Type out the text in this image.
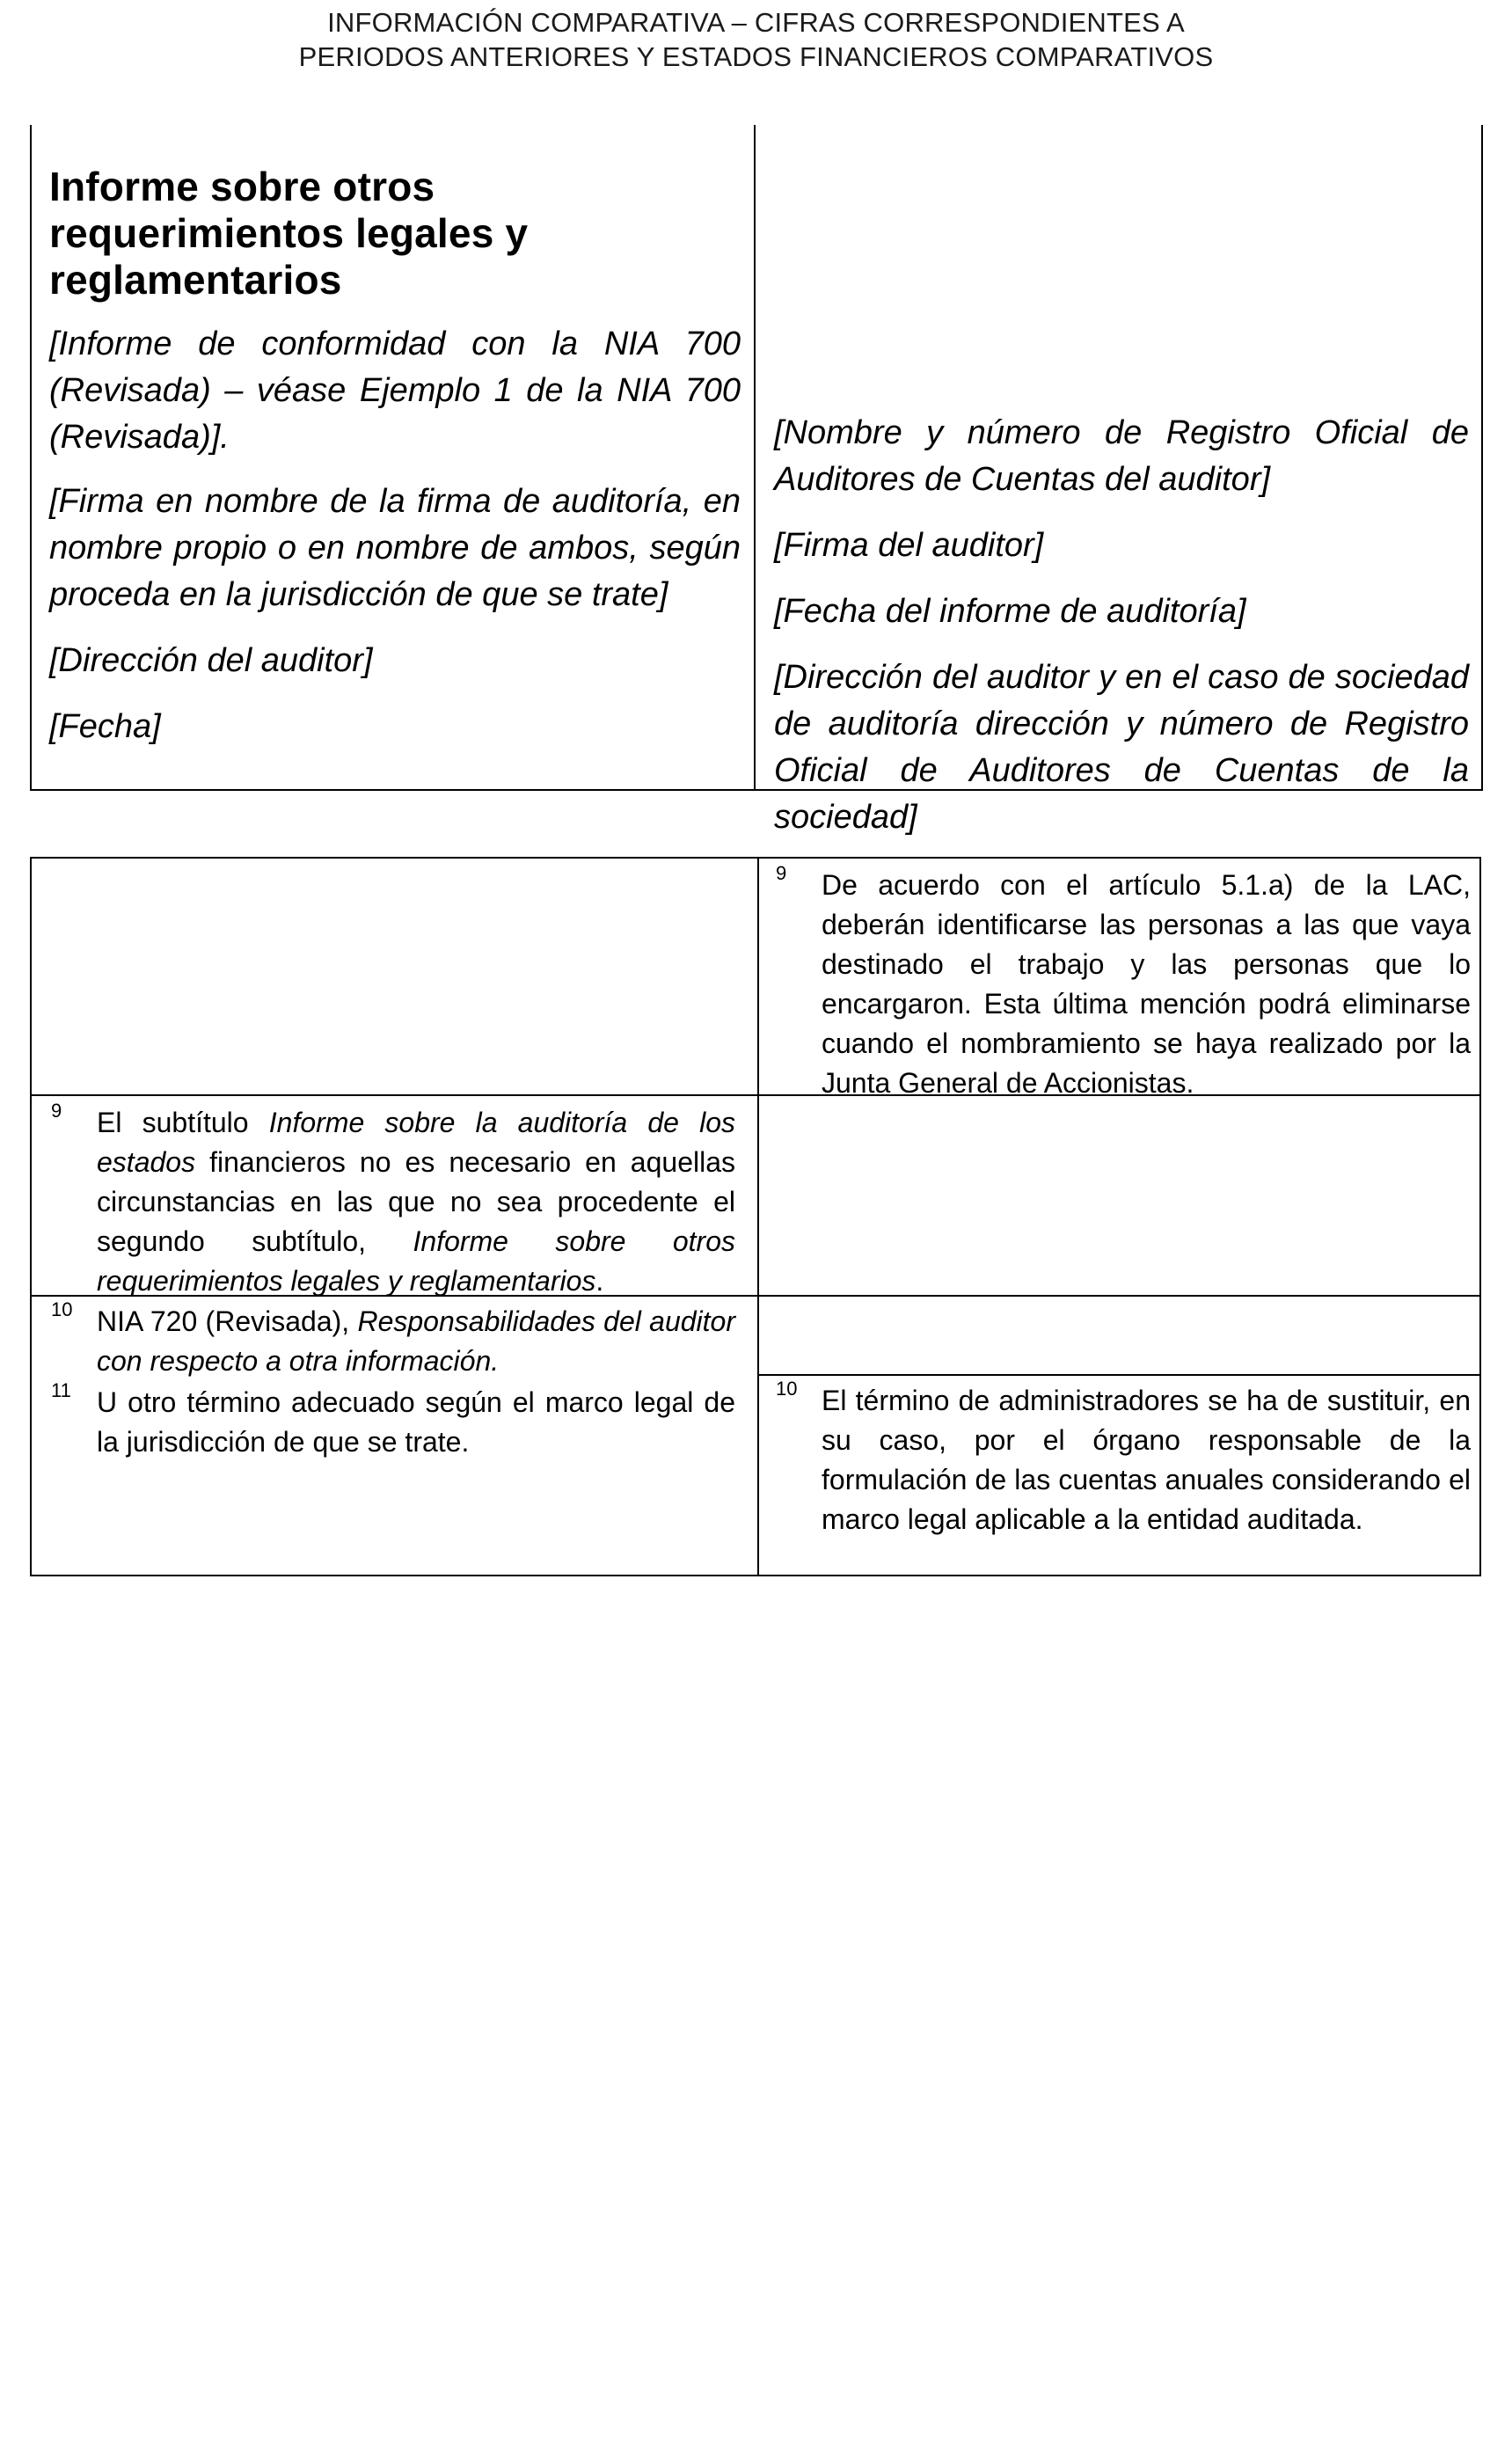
INFORMACIÓN COMPARATIVA – CIFRAS CORRESPONDIENTES A
PERIODOS ANTERIORES Y ESTADOS FINANCIEROS COMPARATIVOS
Informe sobre otros requerimientos legales y reglamentarios

[Informe de conformidad con la NIA 700 (Revisada) – véase Ejemplo 1 de la NIA 700 (Revisada)].

[Firma en nombre de la firma de auditoría, en nombre propio o en nombre de ambos, según proceda en la jurisdicción de que se trate]

[Dirección del auditor]

[Fecha]

[Nombre y número de Registro Oficial de Auditores de Cuentas del auditor]

[Firma del auditor]

[Fecha del informe de auditoría]

[Dirección del auditor y en el caso de sociedad de auditoría dirección y número de Registro Oficial de Auditores de Cuentas de la sociedad]

9 El subtítulo Informe sobre la auditoría de los estados financieros no es necesario en aquellas circunstancias en las que no sea procedente el segundo subtítulo, Informe sobre otros requerimientos legales y reglamentarios.
10 NIA 720 (Revisada), Responsabilidades del auditor con respecto a otra información.
11 U otro término adecuado según el marco legal de la jurisdicción de que se trate.
9 De acuerdo con el artículo 5.1.a) de la LAC, deberán identificarse las personas a las que vaya destinado el trabajo y las personas que lo encargaron. Esta última mención podrá eliminarse cuando el nombramiento se haya realizado por la Junta General de Accionistas.
10 El término de administradores se ha de sustituir, en su caso, por el órgano responsable de la formulación de las cuentas anuales considerando el marco legal aplicable a la entidad auditada.
